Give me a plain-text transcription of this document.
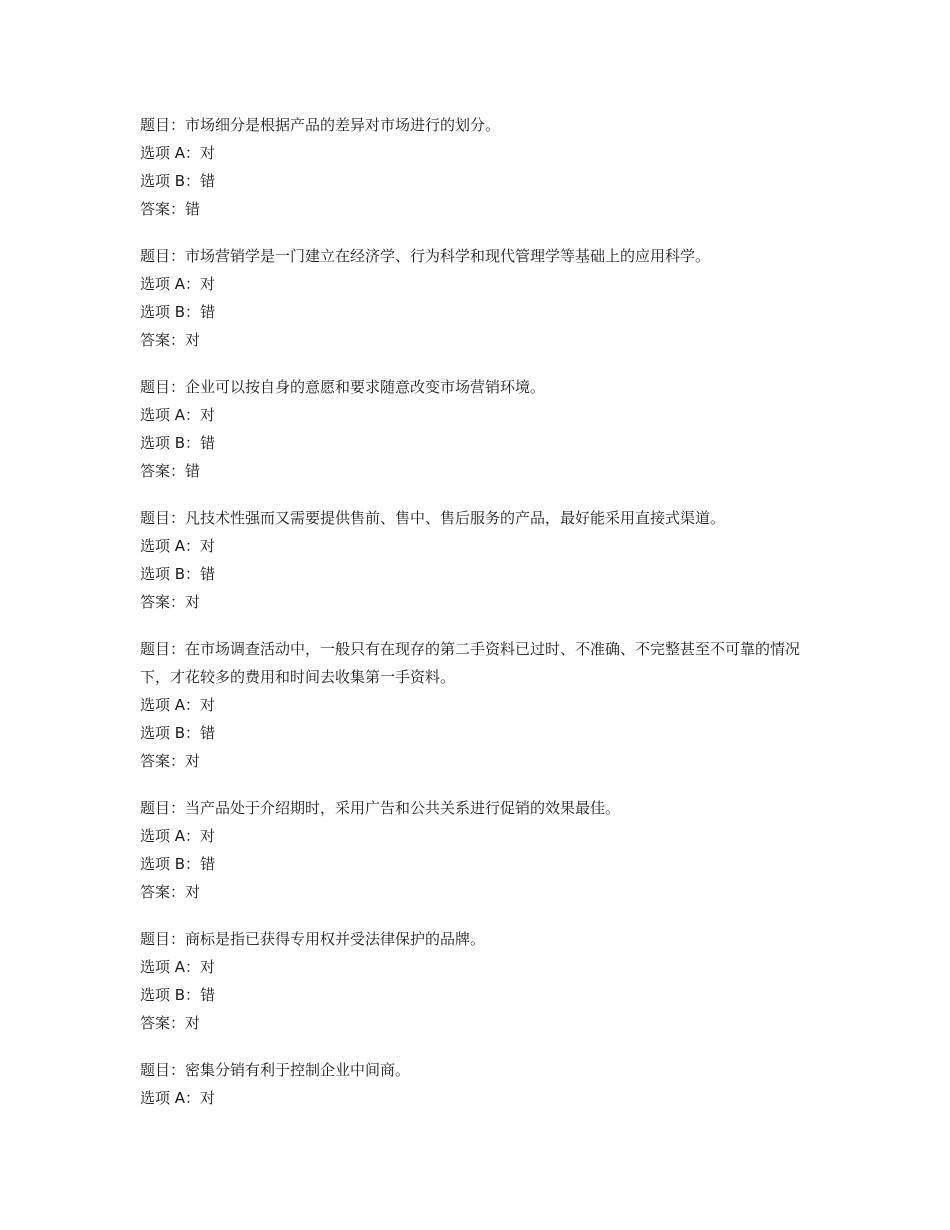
题目：市场细分是根据产品的差异对市场进行的划分。
选项 A：对
选项 B：错
答案：错
题目：市场营销学是一门建立在经济学、行为科学和现代管理学等基础上的应用科学。
选项 A：对
选项 B：错
答案：对
题目：企业可以按自身的意愿和要求随意改变市场营销环境。
选项 A：对
选项 B：错
答案：错
题目：凡技术性强而又需要提供售前、售中、售后服务的产品，最好能采用直接式渠道。
选项 A：对
选项 B：错
答案：对
题目：在市场调查活动中，一般只有在现存的第二手资料已过时、不准确、不完整甚至不可靠的情况下，才花较多的费用和时间去收集第一手资料。
选项 A：对
选项 B：错
答案：对
题目：当产品处于介绍期时，采用广告和公共关系进行促销的效果最佳。
选项 A：对
选项 B：错
答案：对
题目：商标是指已获得专用权并受法律保护的品牌。
选项 A：对
选项 B：错
答案：对
题目：密集分销有利于控制企业中间商。
选项 A：对
